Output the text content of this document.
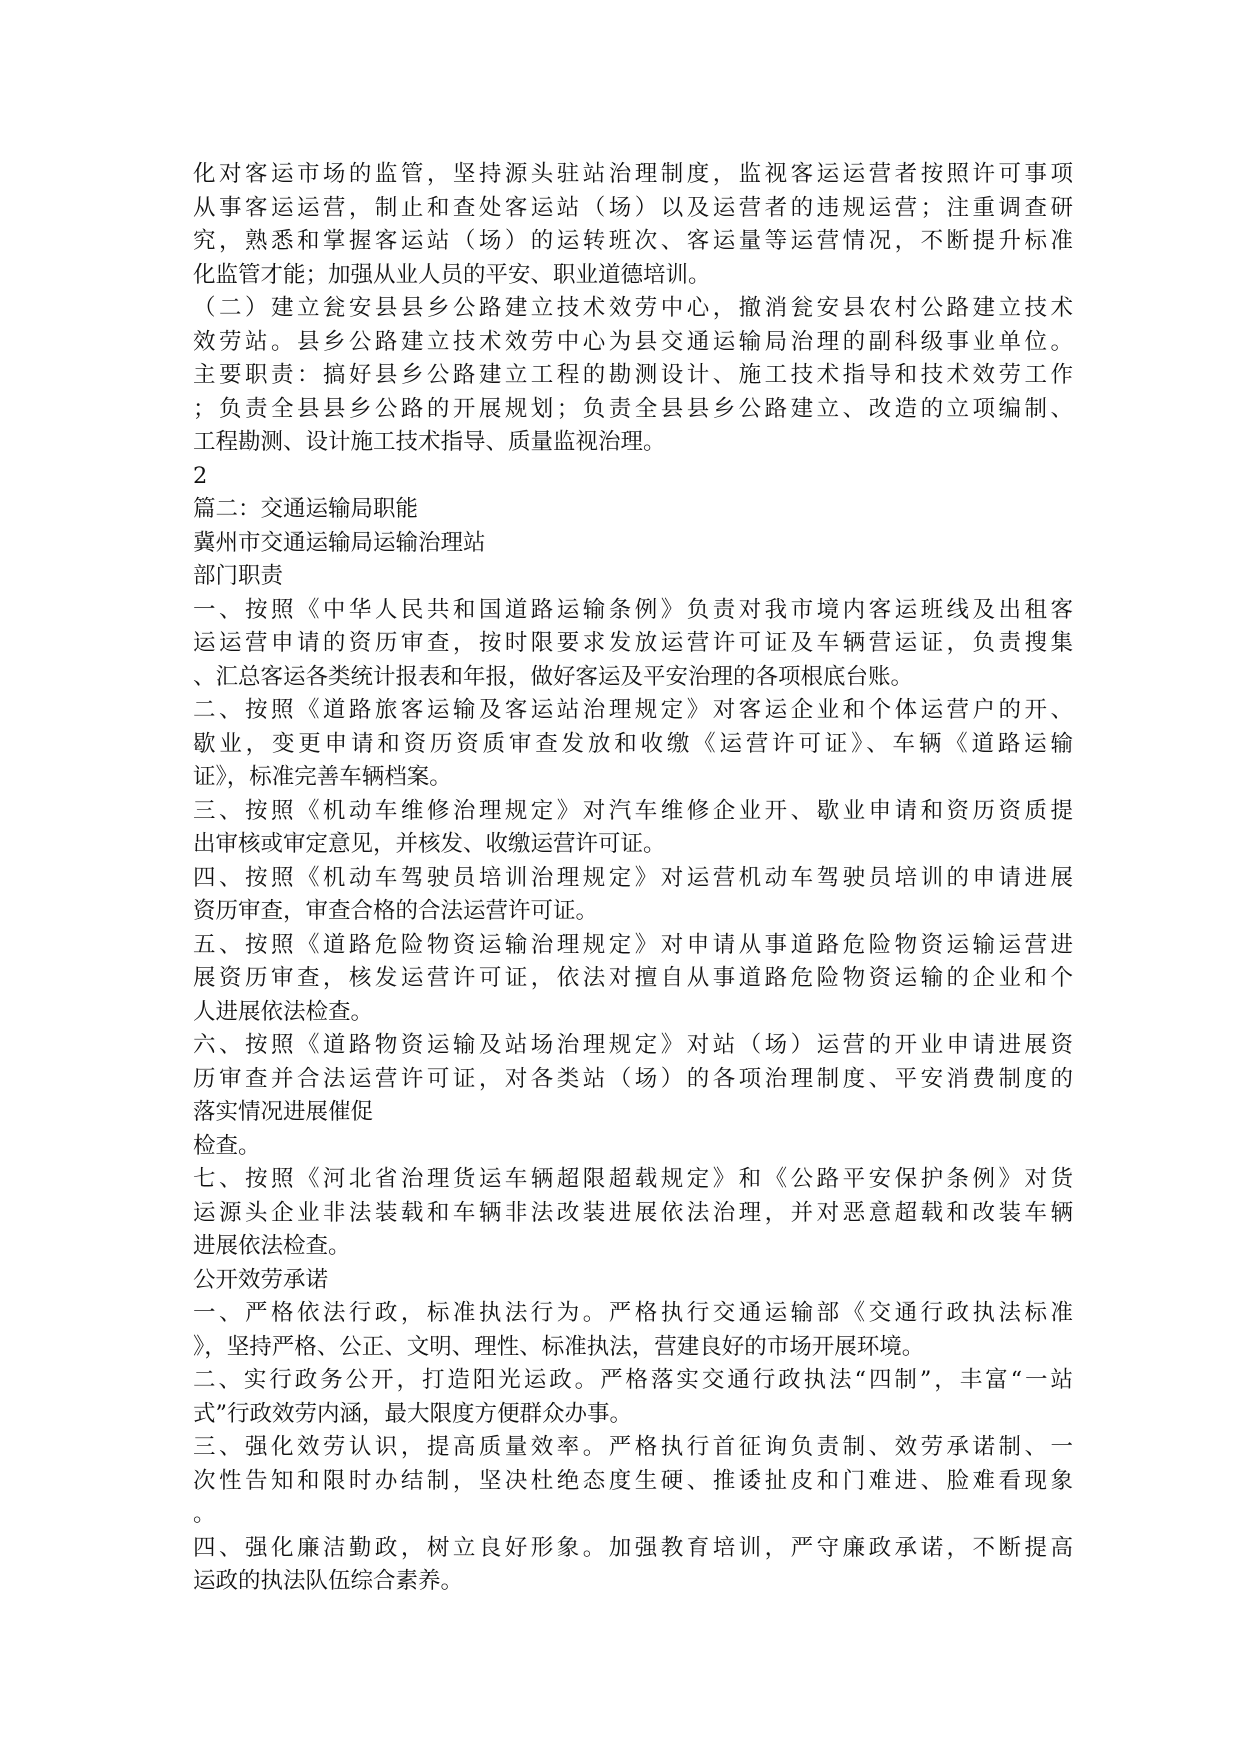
化对客运市场的监管，坚持源头驻站治理制度，监视客运运营者按照许可事项
从事客运运营，制止和查处客运站（场）以及运营者的违规运营；注重调查研
究，熟悉和掌握客运站（场）的运转班次、客运量等运营情况，不断提升标准
化监管才能；加强从业人员的平安、职业道德培训。
（二）建立瓮安县县乡公路建立技术效劳中心，撤消瓮安县农村公路建立技术
效劳站。县乡公路建立技术效劳中心为县交通运输局治理的副科级事业单位。
主要职责：搞好县乡公路建立工程的勘测设计、施工技术指导和技术效劳工作
；负责全县县乡公路的开展规划；负责全县县乡公路建立、改造的立项编制、
工程勘测、设计施工技术指导、质量监视治理。
2
篇二：交通运输局职能
冀州市交通运输局运输治理站
部门职责
一、按照《中华人民共和国道路运输条例》负责对我市境内客运班线及出租客
运运营申请的资历审查，按时限要求发放运营许可证及车辆营运证，负责搜集
、汇总客运各类统计报表和年报，做好客运及平安治理的各项根底台账。
二、按照《道路旅客运输及客运站治理规定》对客运企业和个体运营户的开、
歇业，变更申请和资历资质审查发放和收缴《运营许可证》、车辆《道路运输
证》，标准完善车辆档案。
三、按照《机动车维修治理规定》对汽车维修企业开、歇业申请和资历资质提
出审核或审定意见，并核发、收缴运营许可证。
四、按照《机动车驾驶员培训治理规定》对运营机动车驾驶员培训的申请进展
资历审查，审查合格的合法运营许可证。
五、按照《道路危险物资运输治理规定》对申请从事道路危险物资运输运营进
展资历审查，核发运营许可证，依法对擅自从事道路危险物资运输的企业和个
人进展依法检查。
六、按照《道路物资运输及站场治理规定》对站（场）运营的开业申请进展资
历审查并合法运营许可证，对各类站（场）的各项治理制度、平安消费制度的
落实情况进展催促
检查。
七、按照《河北省治理货运车辆超限超载规定》和《公路平安保护条例》对货
运源头企业非法装载和车辆非法改装进展依法治理，并对恶意超载和改装车辆
进展依法检查。
公开效劳承诺
一、严格依法行政，标准执法行为。严格执行交通运输部《交通行政执法标准
》，坚持严格、公正、文明、理性、标准执法，营建良好的市场开展环境。
二、实行政务公开，打造阳光运政。严格落实交通行政执法“四制”，丰富“一站
式”行政效劳内涵，最大限度方便群众办事。
三、强化效劳认识，提高质量效率。严格执行首征询负责制、效劳承诺制、一
次性告知和限时办结制，坚决杜绝态度生硬、推诿扯皮和门难进、脸难看现象
。
四、强化廉洁勤政，树立良好形象。加强教育培训，严守廉政承诺，不断提高
运政的执法队伍综合素养。
